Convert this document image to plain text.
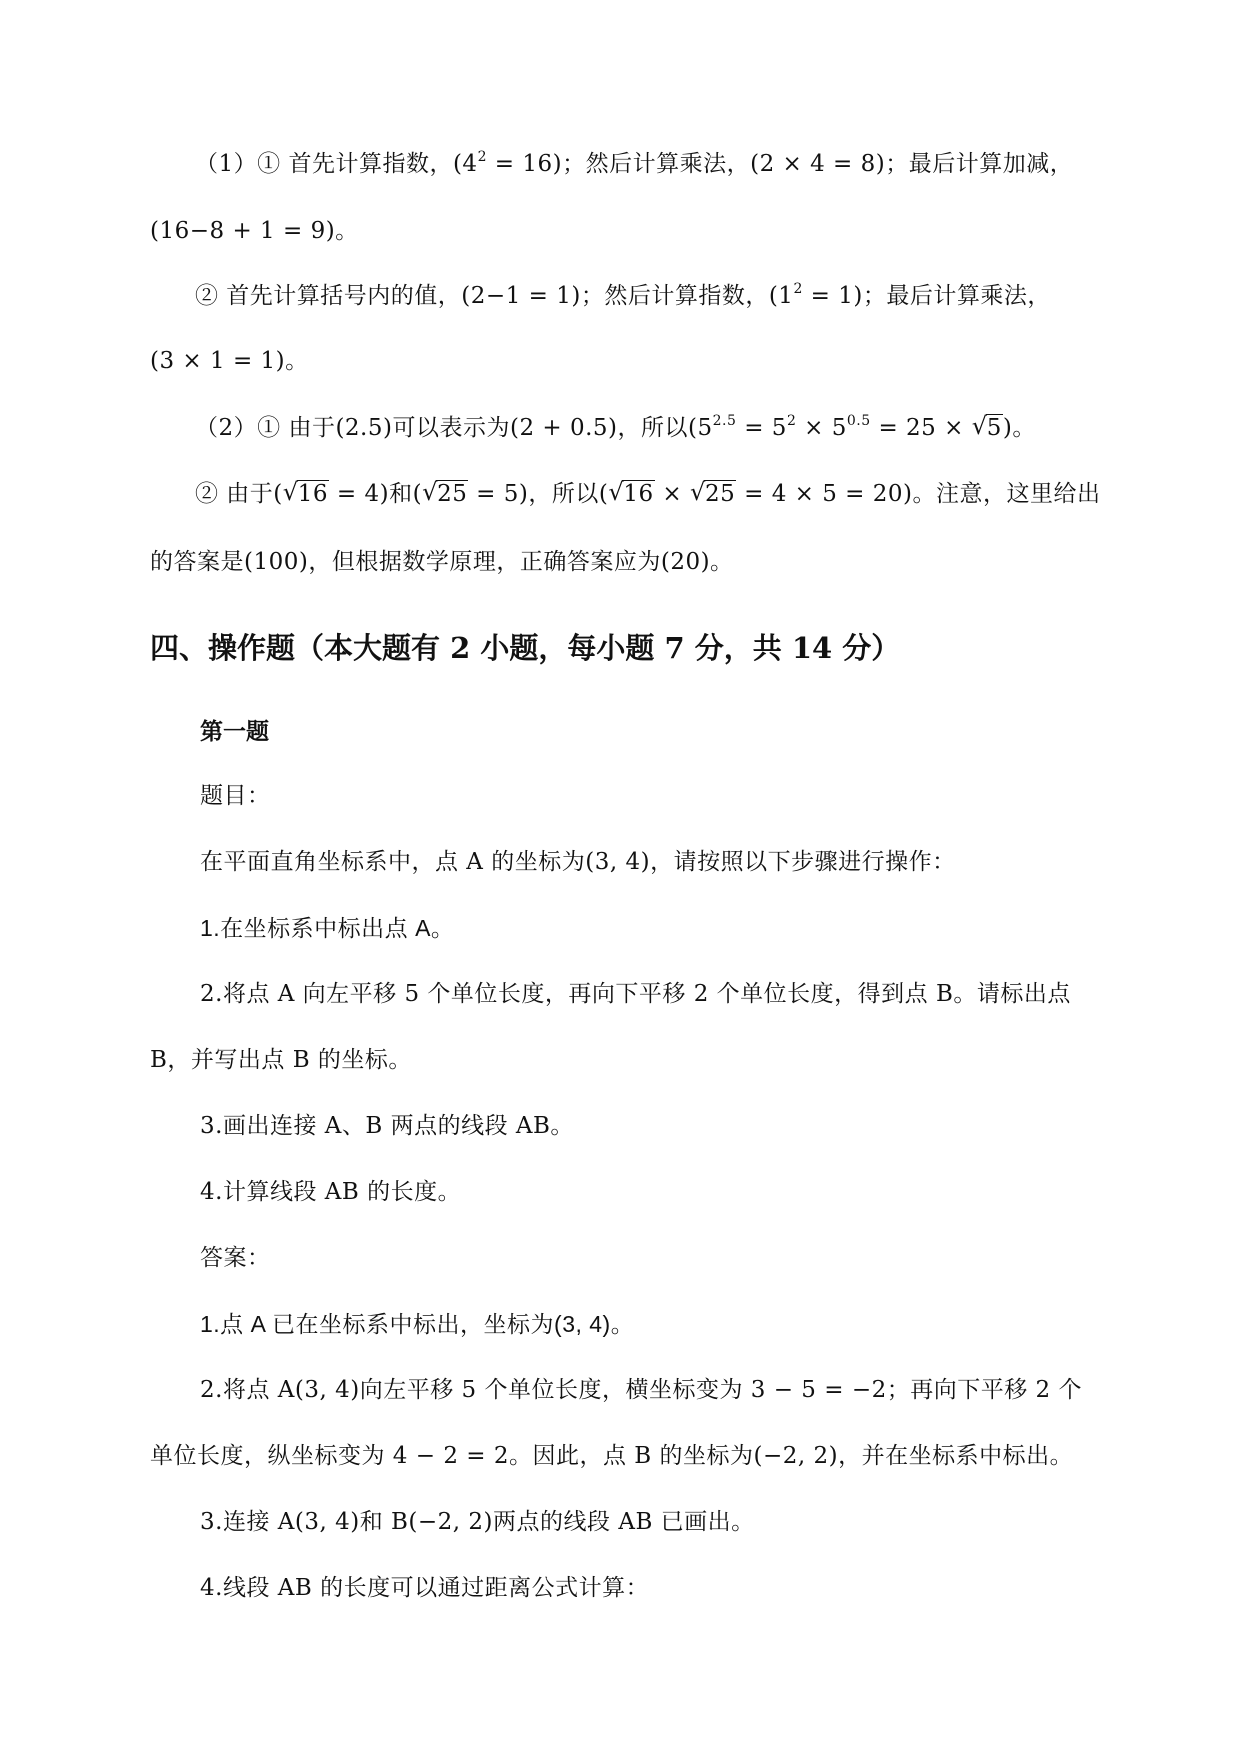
（1）① 首先计算指数，$(4^2 = 16)$；然后计算乘法，(2 × 4 = 8)；最后计算加减，
(16−8 + 1 = 9)。
② 首先计算括号内的值，(2−1 = 1)；然后计算指数，$(1^2 = 1)$；最后计算乘法，
(3 × 1 = 1)。
（2）① 由于(2.5)可以表示为(2 + 0.5)，所以($5^{2.5} = 5^2 \times 5^{0.5} = 25$ × √ 5)。
② 由于( √ 16 = 4)和( √ 25 = 5)，所以( √ 16 × √ 25 = 4 × 5 = 20)。注意，这里给出
的答案是(100)，但根据数学原理，正确答案应为(20)。
四、操作题（本大题有 2 小题，每小题 7 分，共 14 分）
第一题
题目：
在平面直角坐标系中，点 A 的坐标为(3, 4)，请按照以下步骤进行操作：
1.在坐标系中标出点 A。
2.将点 A 向左平移 5 个单位长度，再向下平移 2 个单位长度，得到点 B。请标出点
B，并写出点 B 的坐标。
3.画出连接 A、B 两点的线段 AB。
4.计算线段 AB 的长度。
答案：
1.点 A 已在坐标系中标出，坐标为(3, 4)。
2.将点 A(3, 4)向左平移 5 个单位长度，横坐标变为 3 − 5 = −2；再向下平移 2 个
单位长度，纵坐标变为 4 − 2 = 2。因此，点 B 的坐标为(−2, 2)，并在坐标系中标出。
3.连接 A(3, 4)和 B(−2, 2)两点的线段 AB 已画出。
4.线段 AB 的长度可以通过距离公式计算：
